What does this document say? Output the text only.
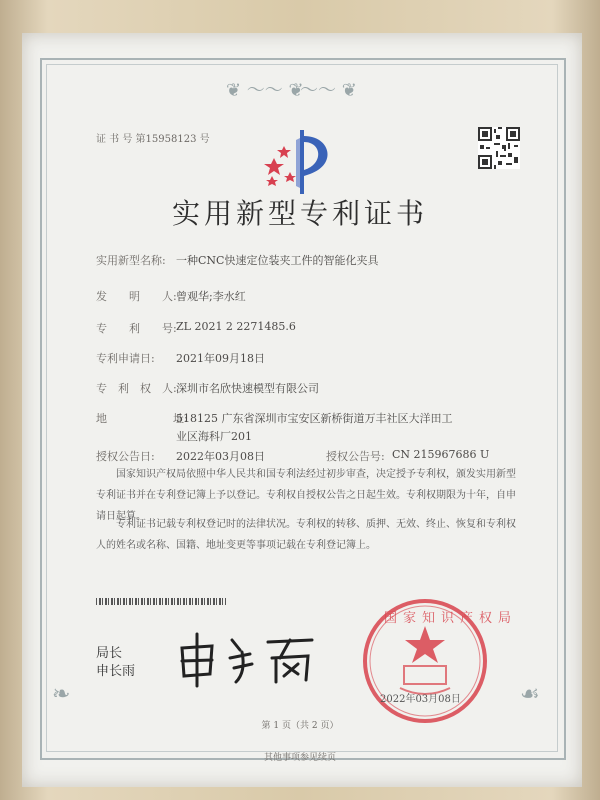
❦ ～～ ❦
～～ ❦
❧	☙
证 书 号 第15958123 号
实用新型专利证书
实用新型名称: 一种CNC快速定位装夹工件的智能化夹具
发　　明　　人: 曾观华;李水红
专　　利　　号: ZL 2021 2 2271485.6
专利申请日: 2021年09月18日
专　利　权　人: 深圳市名欣快速模型有限公司
地　　　　　　址:
518125 广东省深圳市宝安区新桥街道万丰社区大洋田工
业区海科厂201
授权公告日: 2022年03月08日	授权公告号: CN 215967686 U
国家知识产权局依照中华人民共和国专利法经过初步审查，决定授予专利权，颁发实用新型专利证书并在专利登记簿上予以登记。专利权自授权公告之日起生效。专利权期限为十年，自申请日起算。
专利证书记载专利权登记时的法律状况。专利权的转移、质押、无效、终止、恢复和专利权人的姓名或名称、国籍、地址变更等事项记载在专利登记簿上。
局长
申长雨
国家知识产权局
2022年03月08日
第 1 页（共 2 页）
其他事项参见续页
